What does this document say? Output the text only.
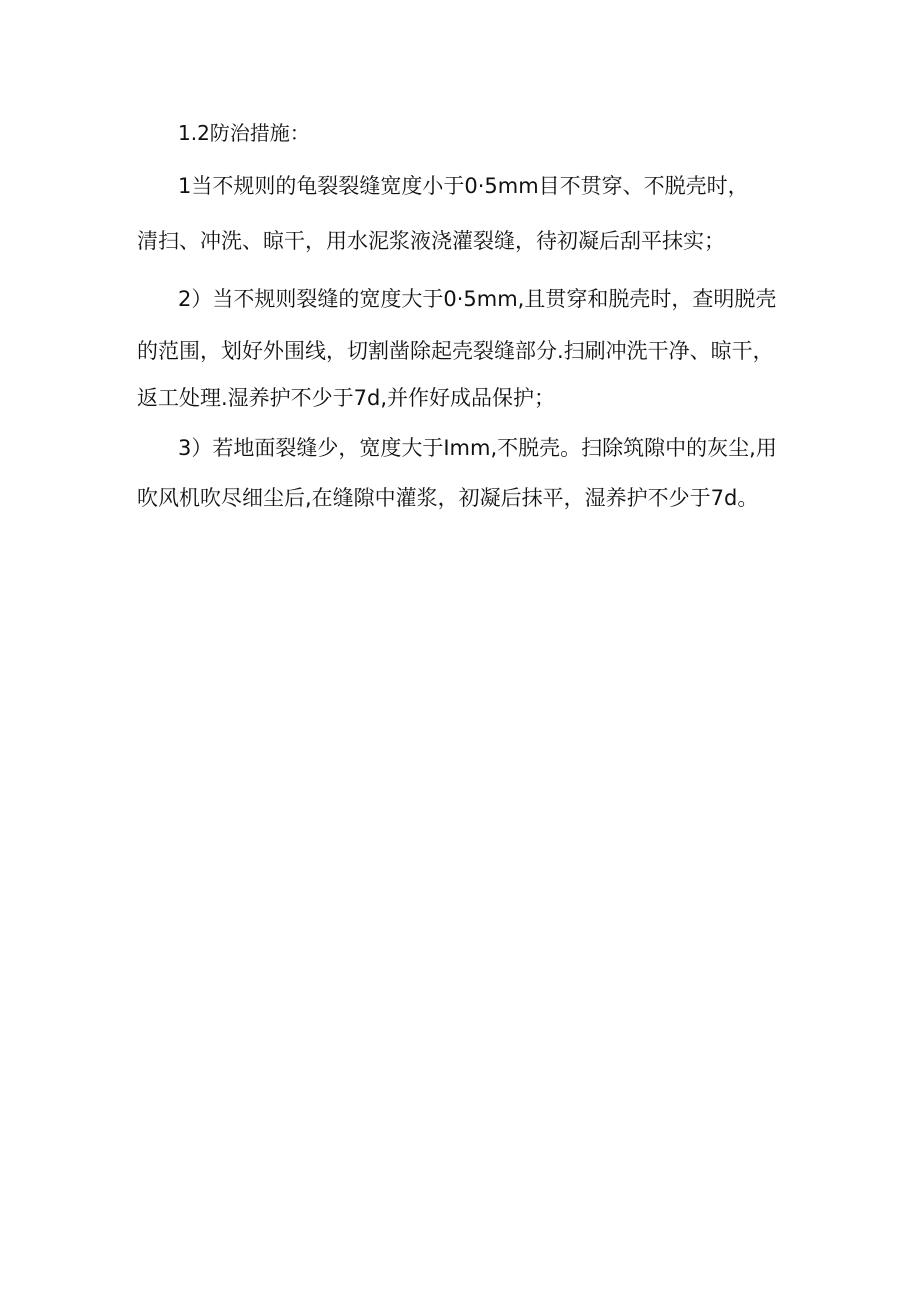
1.2防治措施：
1当不规则的龟裂裂缝宽度小于0·5mm目不贯穿、不脱壳时，
清扫、冲洗、晾干，用水泥浆液浇灌裂缝，待初凝后刮平抹实；
2）当不规则裂缝的宽度大于0·5mm,且贯穿和脱壳时，查明脱壳
的范围，划好外围线，切割凿除起壳裂缝部分.扫刷冲洗干净、晾干，
返工处理.湿养护不少于7d,并作好成品保护；
3）若地面裂缝少，宽度大于Imm,不脱壳。扫除筑隙中的灰尘,用
吹风机吹尽细尘后,在缝隙中灌浆，初凝后抹平，湿养护不少于7d。
